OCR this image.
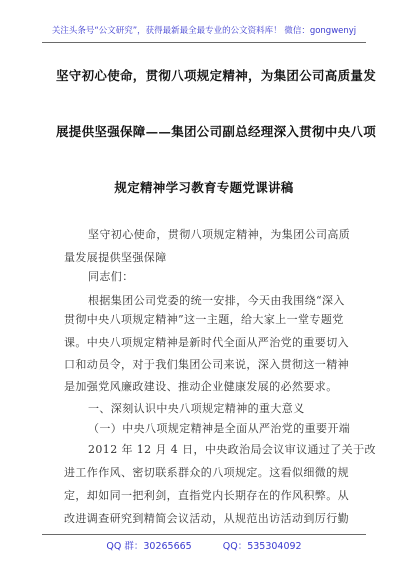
关注头条号“公文研究”，获得最新最全最专业的公文资料库！ 微信：gongwenyj
坚守初心使命，贯彻八项规定精神，为集团公司高质量发
展提供坚强保障——集团公司副总经理深入贯彻中央八项
规定精神学习教育专题党课讲稿
坚守初心使命，贯彻八项规定精神，为集团公司高质
量发展提供坚强保障
同志们：
根据集团公司党委的统一安排，今天由我围绕“深入
贯彻中央八项规定精神”这一主题，给大家上一堂专题党
课。中央八项规定精神是新时代全面从严治党的重要切入
口和动员令，对于我们集团公司来说，深入贯彻这一精神
是加强党风廉政建设、推动企业健康发展的必然要求。
一、深刻认识中央八项规定精神的重大意义
（一）中央八项规定精神是全面从严治党的重要开端
2012 年 12 月 4 日，中央政治局会议审议通过了关于改
进工作作风、密切联系群众的八项规定。这看似细微的规
定，却如同一把利剑，直指党内长期存在的作风积弊。从
改进调查研究到精简会议活动，从规范出访活动到厉行勤
QQ 群：30265665	QQ：535304092
